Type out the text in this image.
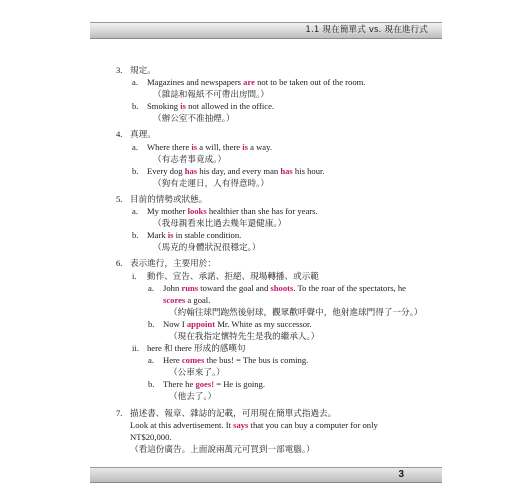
1.1 現在簡單式 vs. 現在進行式
3. 規定。
a. Magazines and newspapers are not to be taken out of the room.
（雜誌和報紙不可帶出房間。）
b. Smoking is not allowed in the office.
（辦公室不准抽煙。）
4. 真理。
a. Where there is a will, there is a way.
（有志者事竟成。）
b. Every dog has his day, and every man has his hour.
（狗有走運日，人有得意時。）
5. 目前的情勢或狀態。
a. My mother looks healthier than she has for years.
（我母親看來比過去幾年還健康。）
b. Mark is in stable condition.
（馬克的身體狀況很穩定。）
6. 表示進行，主要用於：
i. 動作、宣告、承諾、拒絕、現場轉播、或示範
a. John runs toward the goal and shoots. To the roar of the spectators, he
scores a goal.
（約翰往球門跑然後射球，觀眾歡呼聲中，他射進球門得了一分。）
b. Now I appoint Mr. White as my successor.
（現在我指定懷特先生是我的繼承人。）
ii. here 和 there 形成的感嘆句
a. Here comes the bus! = The bus is coming.
（公車來了。）
b. There he goes! = He is going.
（他去了。）
7. 描述書、報章、雜誌的記載，可用現在簡單式指過去。
Look at this advertisement. It says that you can buy a computer for only
NT$20,000.
（看這份廣告。上面說兩萬元可買到一部電腦。）
3
